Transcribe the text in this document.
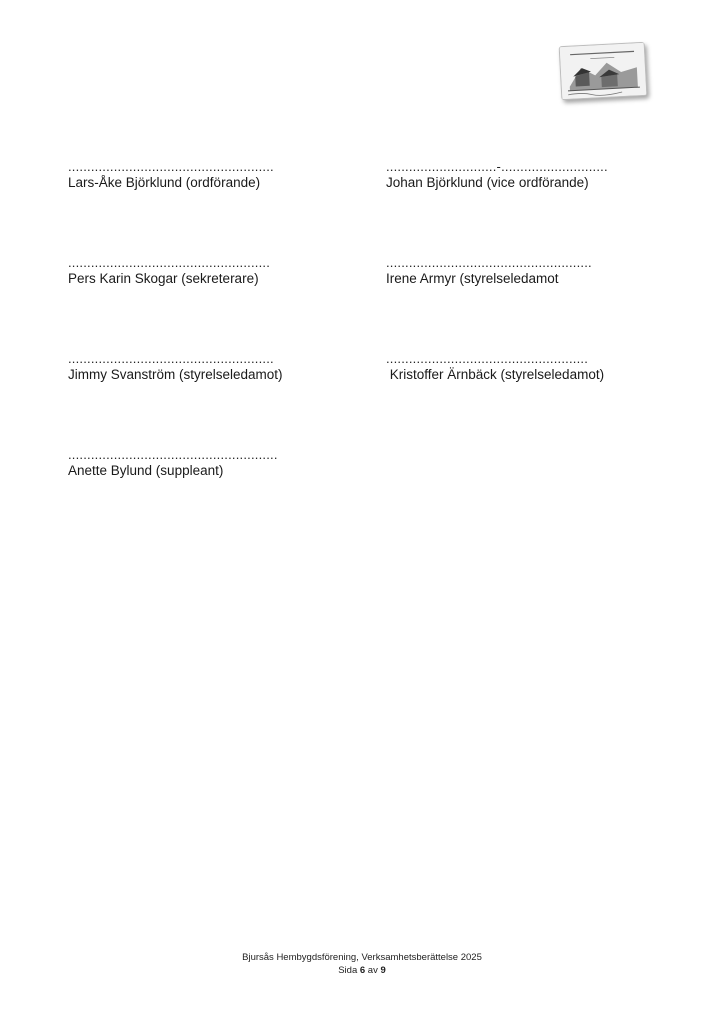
......................................................
Lars-Åke Björklund (ordförande)
.............................-............................
Johan Björklund (vice ordförande)
.....................................................
Pers Karin Skogar (sekreterare)
......................................................
Irene Armyr (styrelseledamot
......................................................
Jimmy Svanström (styrelseledamot)
.....................................................
Kristoffer Ärnbäck (styrelseledamot)
.......................................................
Anette Bylund (suppleant)
Bjursås Hembygdsförening, Verksamhetsberättelse 2025
Sida 6 av 9
